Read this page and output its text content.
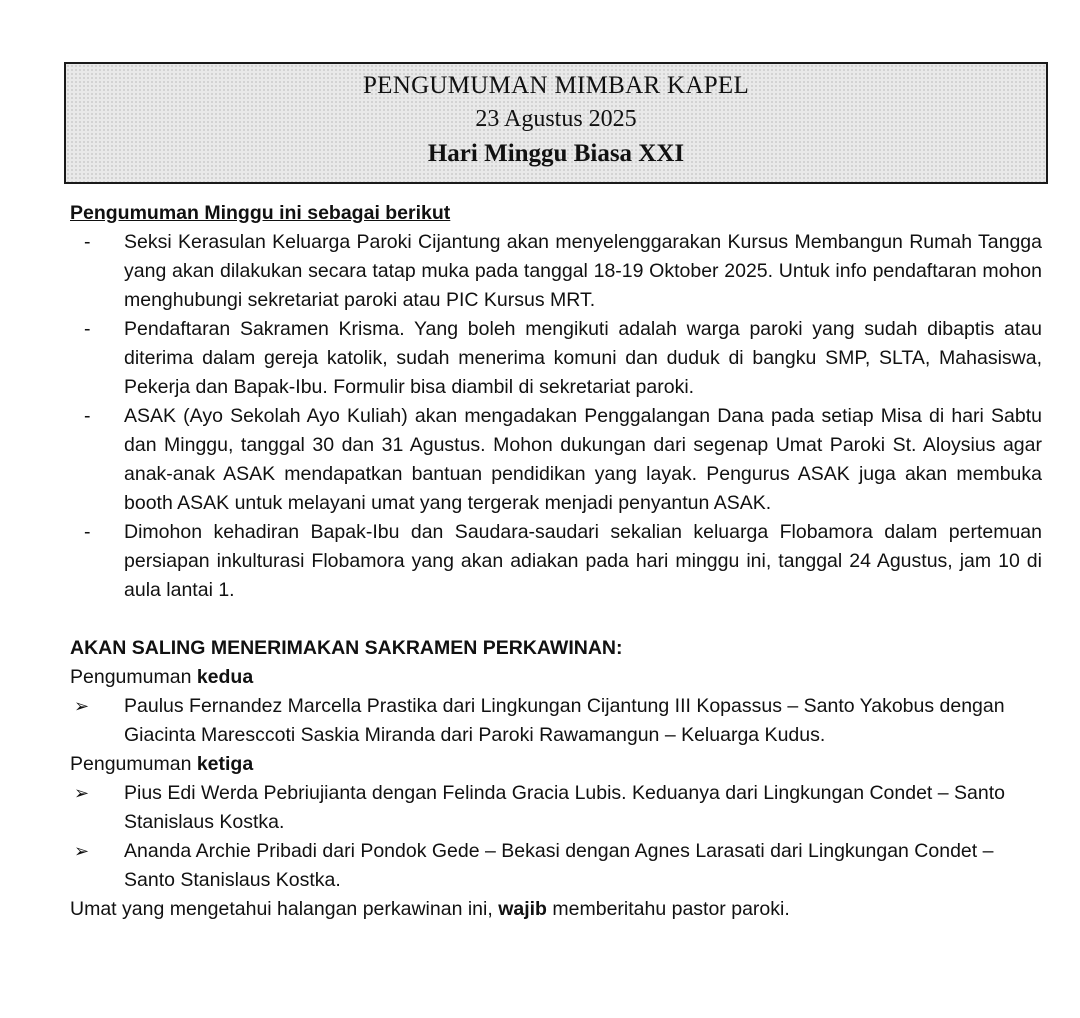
PENGUMUMAN MIMBAR KAPEL
23 Agustus 2025
Hari Minggu Biasa XXI
Pengumuman Minggu ini sebagai berikut
- Seksi Kerasulan Keluarga Paroki Cijantung akan menyelenggarakan Kursus Membangun Rumah Tangga yang akan dilakukan secara tatap muka pada tanggal 18-19 Oktober 2025. Untuk info pendaftaran mohon menghubungi sekretariat paroki atau PIC Kursus MRT.
- Pendaftaran Sakramen Krisma. Yang boleh mengikuti adalah warga paroki yang sudah dibaptis atau diterima dalam gereja katolik, sudah menerima komuni dan duduk di bangku SMP, SLTA, Mahasiswa, Pekerja dan Bapak-Ibu. Formulir bisa diambil di sekretariat paroki.
- ASAK (Ayo Sekolah Ayo Kuliah) akan mengadakan Penggalangan Dana pada setiap Misa di hari Sabtu dan Minggu, tanggal 30 dan 31 Agustus. Mohon dukungan dari segenap Umat Paroki St. Aloysius agar anak-anak ASAK mendapatkan bantuan pendidikan yang layak. Pengurus ASAK juga akan membuka booth ASAK untuk melayani umat yang tergerak menjadi penyantun ASAK.
- Dimohon kehadiran Bapak-Ibu dan Saudara-saudari sekalian keluarga Flobamora dalam pertemuan persiapan inkulturasi Flobamora yang akan adiakan pada hari minggu ini, tanggal 24 Agustus, jam 10 di aula lantai 1.
AKAN SALING MENERIMAKAN SAKRAMEN PERKAWINAN:
Pengumuman kedua
➢ Paulus Fernandez Marcella Prastika dari Lingkungan Cijantung III Kopassus – Santo Yakobus dengan Giacinta Maresccoti Saskia Miranda dari Paroki Rawamangun – Keluarga Kudus.
Pengumuman ketiga
➢ Pius Edi Werda Pebriujianta dengan Felinda Gracia Lubis. Keduanya dari Lingkungan Condet – Santo Stanislaus Kostka.
➢ Ananda Archie Pribadi dari Pondok Gede – Bekasi dengan Agnes Larasati dari Lingkungan Condet – Santo Stanislaus Kostka.
Umat yang mengetahui halangan perkawinan ini, wajib memberitahu pastor paroki.
